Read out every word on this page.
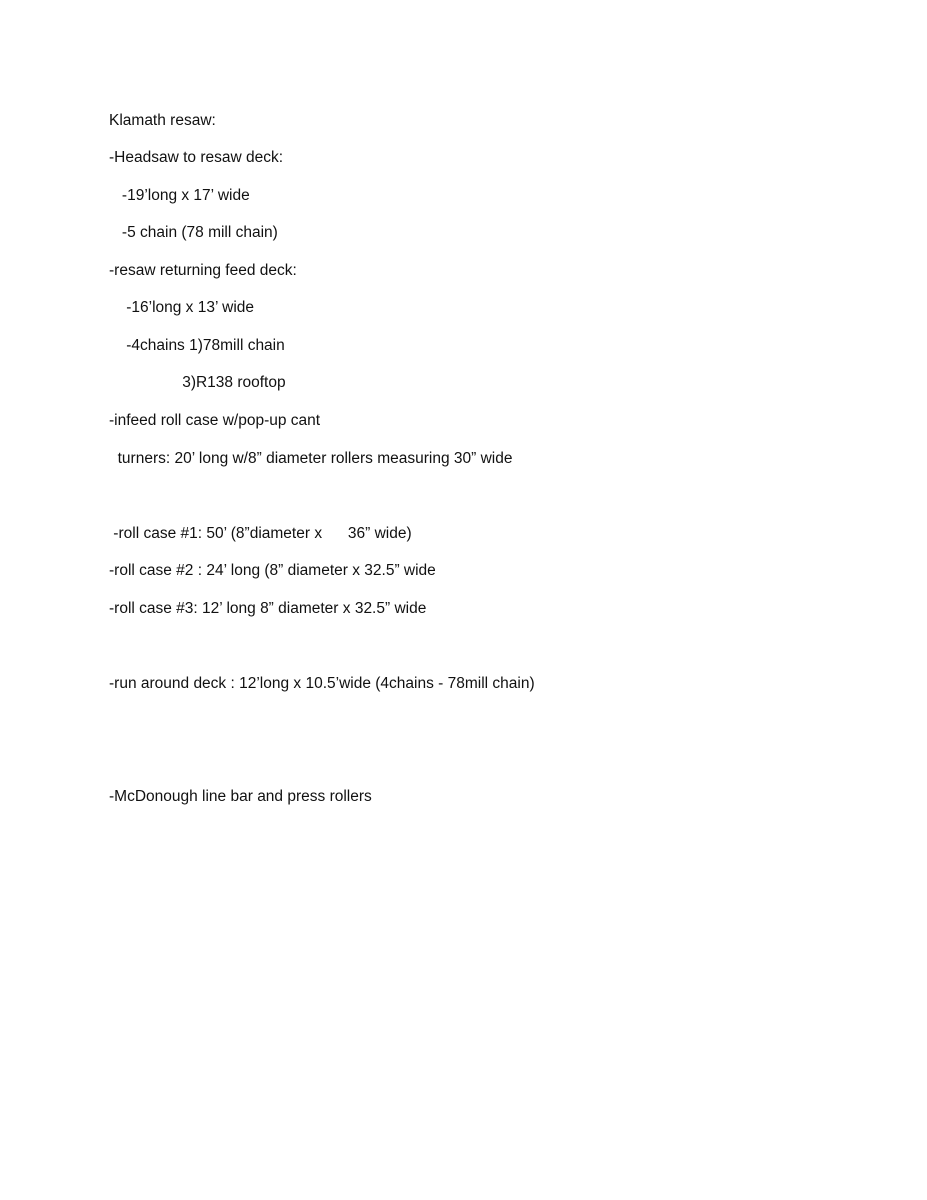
Klamath resaw:
-Headsaw to resaw deck:
-19’long x 17’ wide
-5 chain (78 mill chain)
-resaw returning feed deck:
-16’long x 13’ wide
-4chains 1)78mill chain
3)R138 rooftop
-infeed roll case w/pop-up cant
turners: 20’ long w/8” diameter rollers measuring 30” wide
-roll case #1: 50’ (8”diameter x      36” wide)
-roll case #2 : 24’ long (8” diameter x 32.5” wide
-roll case #3: 12’ long 8” diameter x 32.5” wide
-run around deck : 12’long x 10.5’wide (4chains - 78mill chain)
-McDonough line bar and press rollers
